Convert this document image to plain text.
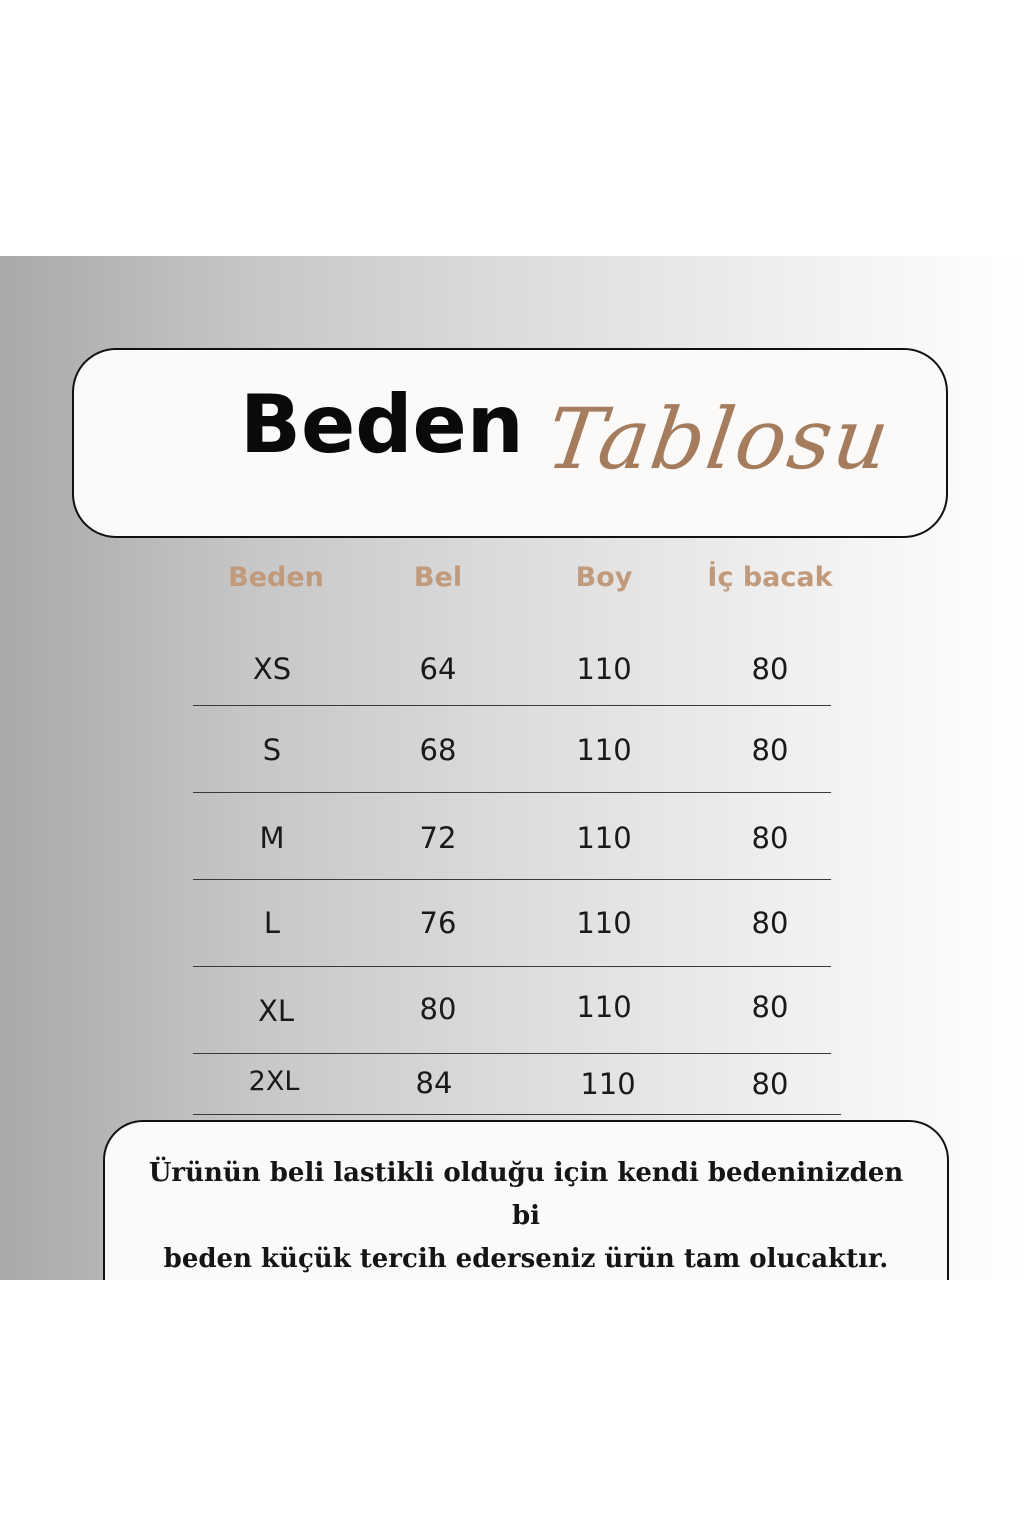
Beden Tablosu
Beden	Bel	Boy	İç bacak
XS	64	110	80
S	68	110	80
M	72	110	80
L	76	110	80
XL	80	110	80
2XL	84	110	80
Ürünün beli lastikli olduğu için kendi bedeninizden bi
beden küçük tercih ederseniz ürün tam olucaktır.
